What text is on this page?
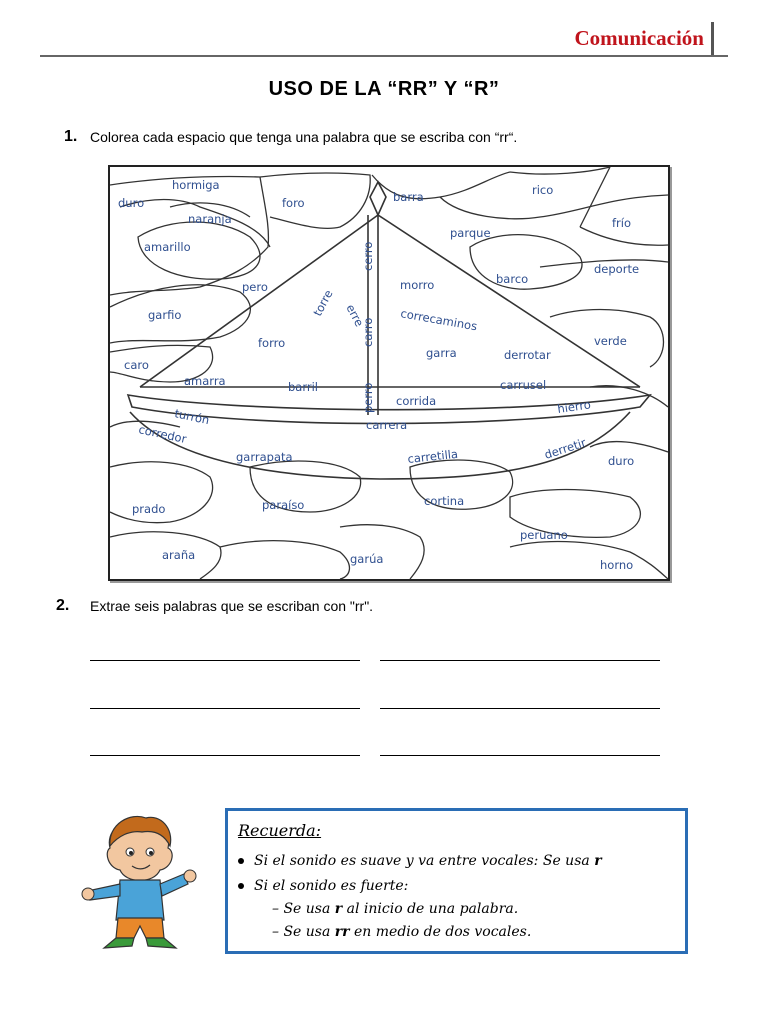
Comunicación
USO DE LA “RR” Y “R”
1. Colorea cada espacio que tenga una palabra que se escriba con “rr“.
hormiga
duro	foro	barra	rico
naranja
amarillo
parque
frío
cerro
torre erre
carro
morro	barco
deporte
pero
garfio	correcaminos
forro
garra	derrotar
verde
caro
amarra	barril	carrusel
perro corrida	hierro
turrón
corredor	carrera
garrapata	carretilla	derretir duro
prado	paraíso	cortina
peruano
araña	garúa	horno
2. Extrae seis palabras que se escriban con "rr".
Recuerda:
Si el sonido es suave y va entre vocales: Se usa r
Si el sonido es fuerte:
– Se usa r al inicio de una palabra.
– Se usa rr en medio de dos vocales.
